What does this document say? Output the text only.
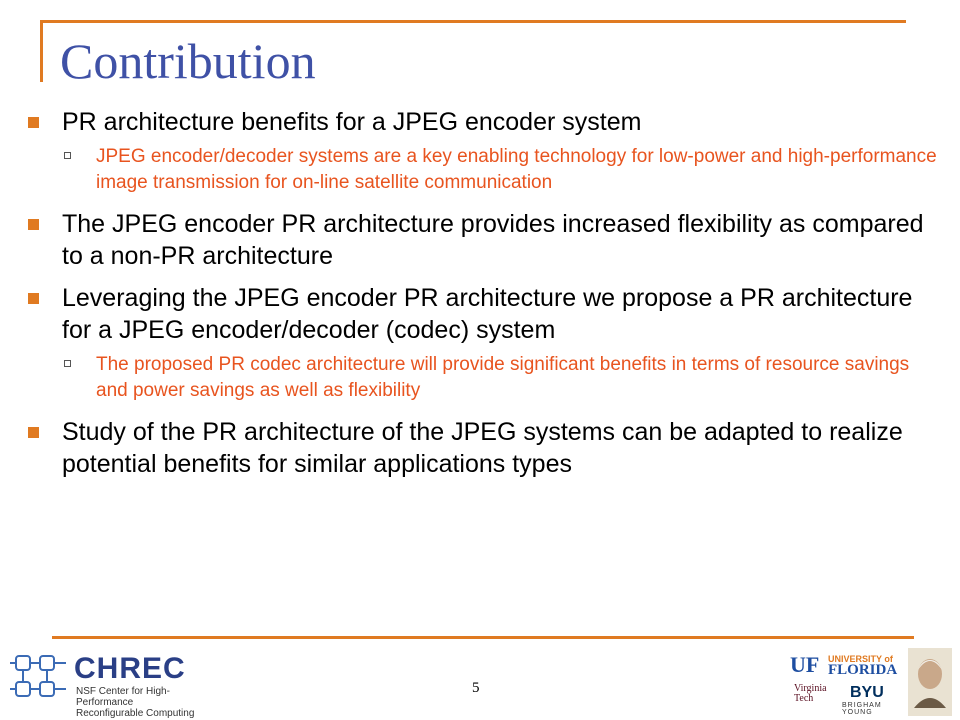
Contribution
PR architecture benefits for a JPEG encoder system
JPEG encoder/decoder systems are a key enabling technology for low-power and high-performance image transmission for on-line satellite communication
The JPEG encoder PR architecture provides increased flexibility as compared to a non-PR architecture
Leveraging the JPEG encoder PR architecture we propose a PR architecture for a JPEG encoder/decoder (codec) system
The proposed PR codec architecture will provide significant benefits in terms of resource savings and power savings as well as flexibility
Study of the PR architecture of the JPEG systems can be adapted to realize potential benefits for similar applications types
CHREC
NSF Center for High-Performance
Reconfigurable Computing
5
UF UNIVERSITY of
FLORIDA
Virginia
Tech	BYU
BRIGHAM YOUNG
